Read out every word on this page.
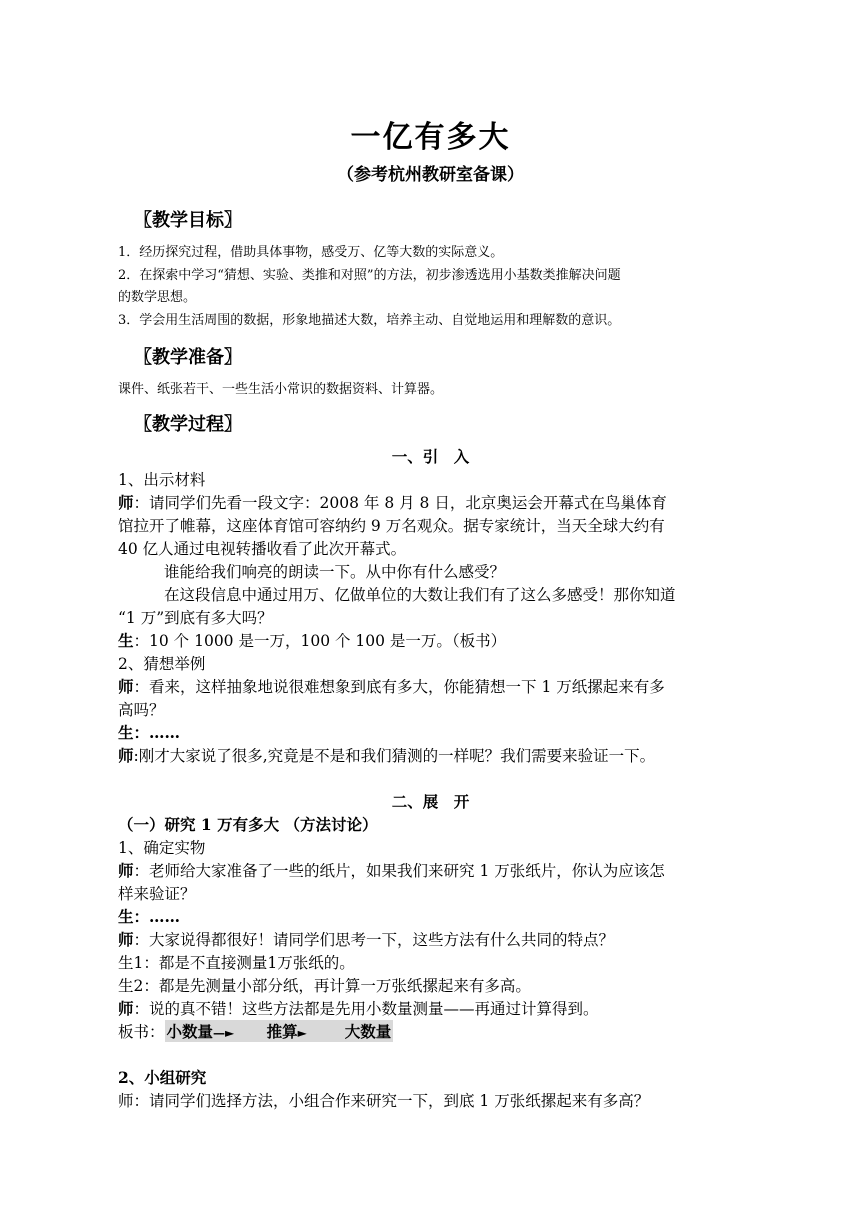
一亿有多大
（参考杭州教研室备课）
〖教学目标〗
1．经历探究过程，借助具体事物，感受万、亿等大数的实际意义。
2．在探索中学习“猜想、实验、类推和对照”的方法，初步渗透选用小基数类推解决问题
的数学思想。
3．学会用生活周围的数据，形象地描述大数，培养主动、自觉地运用和理解数的意识。
〖教学准备〗
课件、纸张若干、一些生活小常识的数据资料、计算器。
〖教学过程〗
一、引　入
1、出示材料
师：请同学们先看一段文字：2008 年 8 月 8 日，北京奥运会开幕式在鸟巢体育
馆拉开了帷幕，这座体育馆可容纳约 9 万名观众。据专家统计，当天全球大约有
40 亿人通过电视转播收看了此次开幕式。
谁能给我们响亮的朗读一下。从中你有什么感受？
在这段信息中通过用万、亿做单位的大数让我们有了这么多感受！那你知道
“1 万”到底有多大吗？
生：10 个 1000 是一万，100 个 100 是一万。（板书）
2、猜想举例
师：看来，这样抽象地说很难想象到底有多大，你能猜想一下 1 万纸摞起来有多
高吗？
生：……
师:刚才大家说了很多,究竟是不是和我们猜测的一样呢？我们需要来验证一下。
二、展　开
（一）研究 1 万有多大 （方法讨论）
1、确定实物
师：老师给大家准备了一些的纸片，如果我们来研究 1 万张纸片，你认为应该怎
样来验证？
生：……
师：大家说得都很好！请同学们思考一下，这些方法有什么共同的特点？
生1：都是不直接测量1万张纸的。
生2：都是先测量小部分纸，再计算一万张纸摞起来有多高。
师：说的真不错！这些方法都是先用小数量测量——再通过计算得到。
板书： 小数量—► 推算► 大数量
2、小组研究
师：请同学们选择方法，小组合作来研究一下，到底 1 万张纸摞起来有多高？
